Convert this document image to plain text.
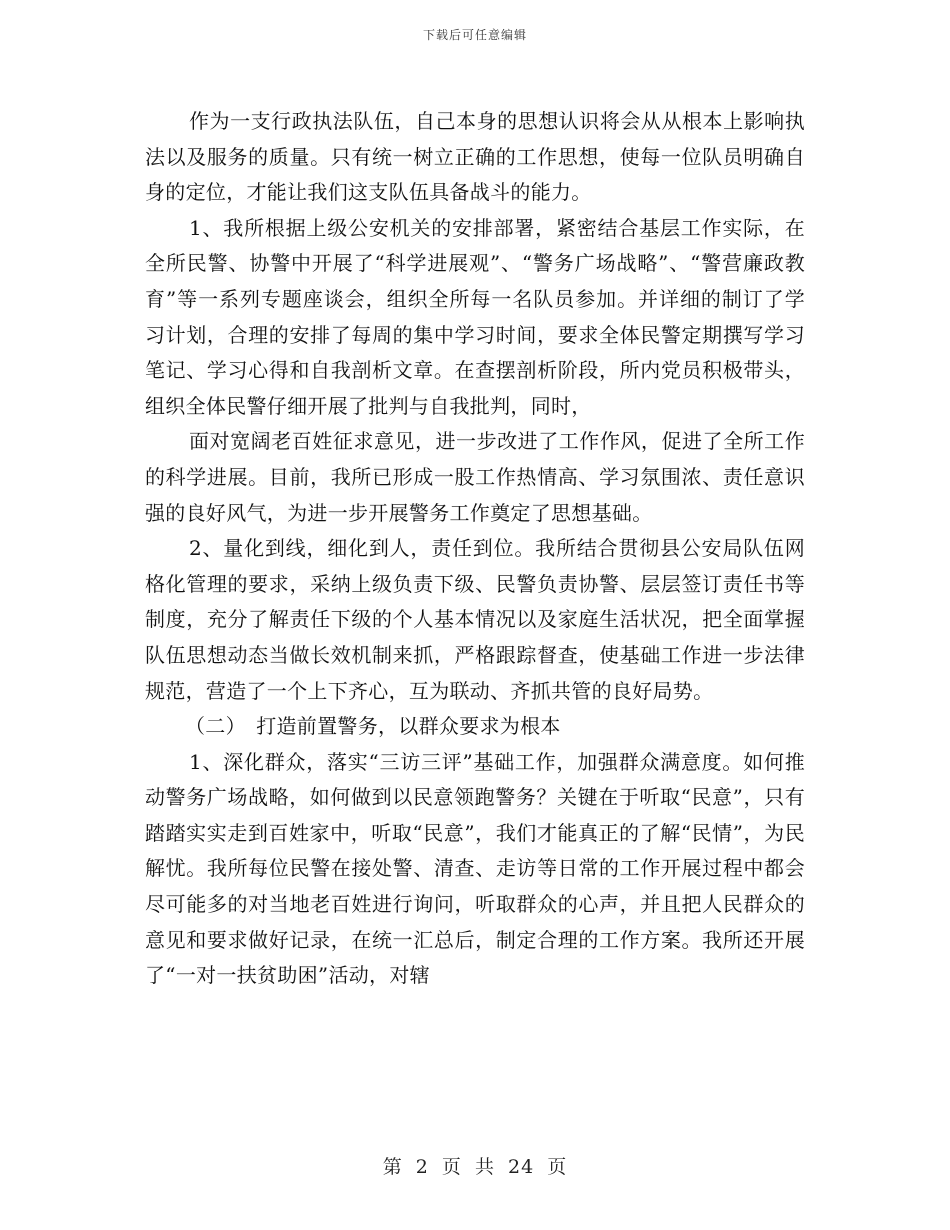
下载后可任意编辑

作为一支行政执法队伍，自己本身的思想认识将会从从根本上影响执法以及服务的质量。只有统一树立正确的工作思想，使每一位队员明确自身的定位，才能让我们这支队伍具备战斗的能力。

1、我所根据上级公安机关的安排部署，紧密结合基层工作实际，在全所民警、协警中开展了“科学进展观”、“警务广场战略”、“警营廉政教育”等一系列专题座谈会，组织全所每一名队员参加。并详细的制订了学习计划，合理的安排了每周的集中学习时间，要求全体民警定期撰写学习笔记、学习心得和自我剖析文章。在查摆剖析阶段，所内党员积极带头，组织全体民警仔细开展了批判与自我批判，同时，

面对宽阔老百姓征求意见，进一步改进了工作作风，促进了全所工作的科学进展。目前，我所已形成一股工作热情高、学习氛围浓、责任意识强的良好风气，为进一步开展警务工作奠定了思想基础。

2、量化到线，细化到人，责任到位。我所结合贯彻县公安局队伍网格化管理的要求，采纳上级负责下级、民警负责协警、层层签订责任书等制度，充分了解责任下级的个人基本情况以及家庭生活状况，把全面掌握队伍思想动态当做长效机制来抓，严格跟踪督查，使基础工作进一步法律规范，营造了一个上下齐心，互为联动、齐抓共管的良好局势。

（二）　打造前置警务，以群众要求为根本

1、深化群众，落实“三访三评”基础工作，加强群众满意度。如何推动警务广场战略，如何做到以民意领跑警务？关键在于听取“民意”，只有踏踏实实走到百姓家中，听取“民意”，我们才能真正的了解“民情”，为民解忧。我所每位民警在接处警、清查、走访等日常的工作开展过程中都会尽可能多的对当地老百姓进行询问，听取群众的心声，并且把人民群众的意见和要求做好记录，在统一汇总后，制定合理的工作方案。我所还开展了“一对一扶贫助困”活动，对辖

第 2 页 共 24 页
